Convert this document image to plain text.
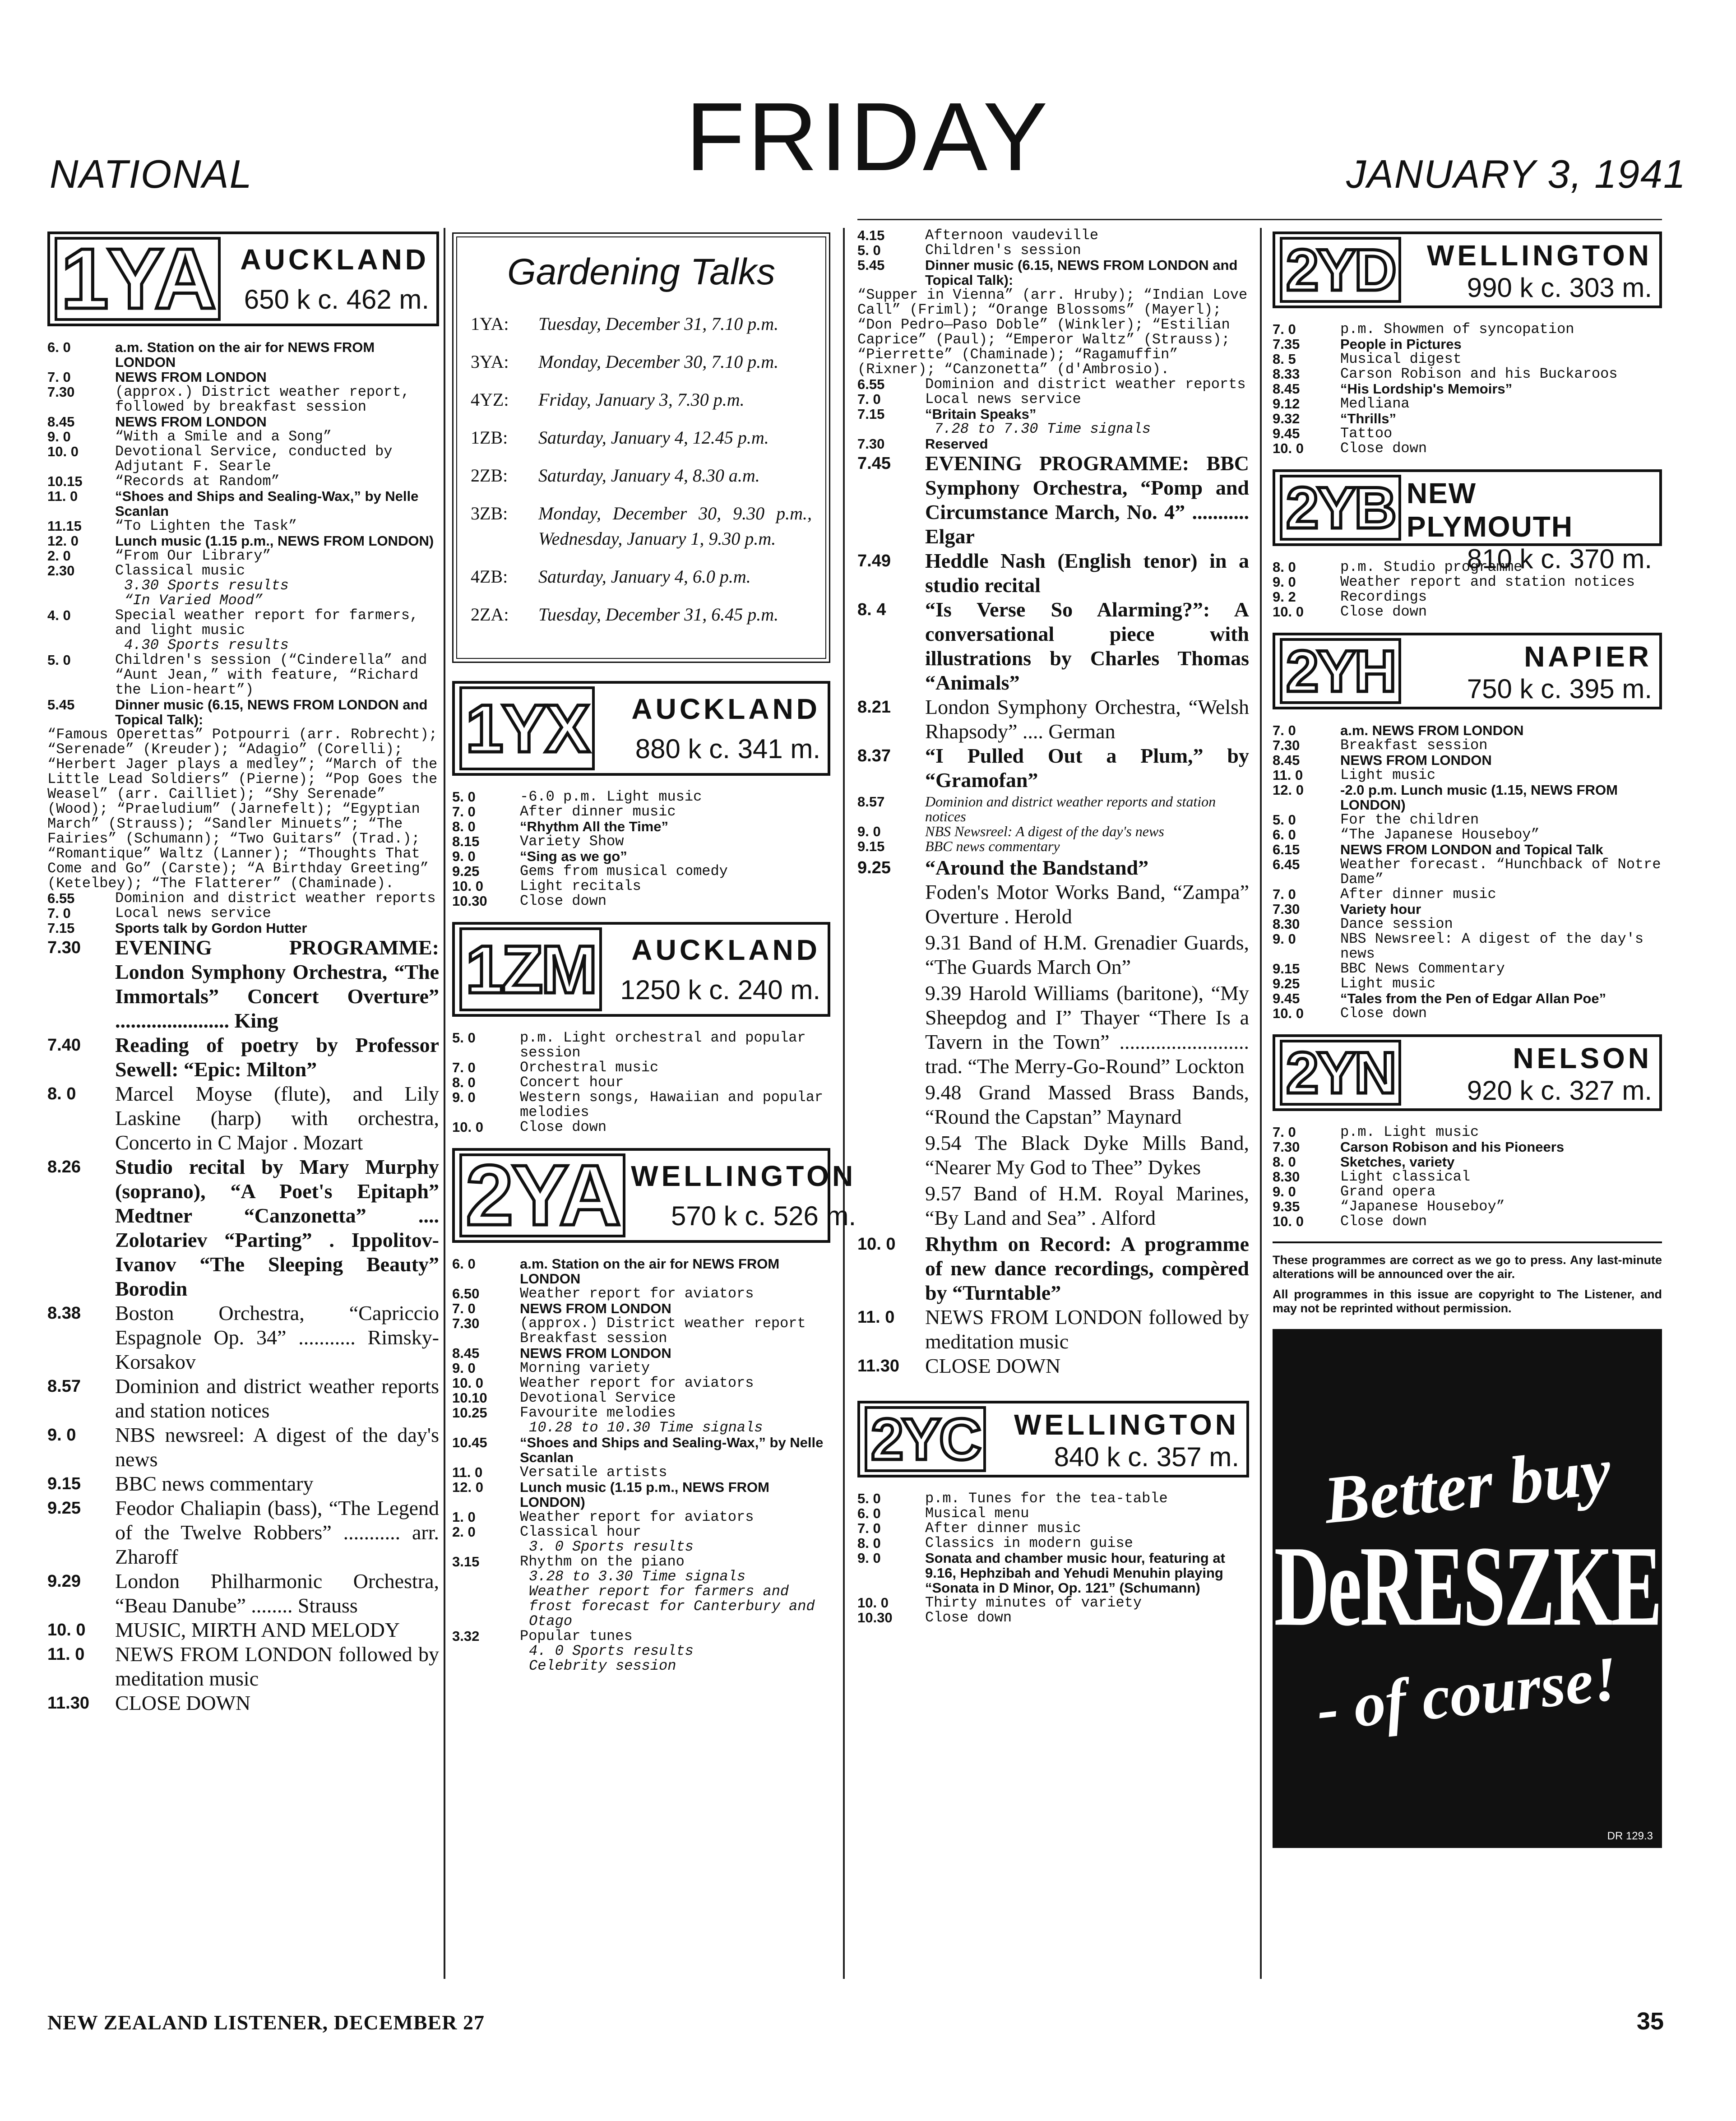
NATIONAL	FRIDAY	JANUARY 3, 1941
1YA AUCKLAND
650 k c. 462 m.
6. 0	a.m. Station on the air for NEWS FROM LONDON
7. 0	NEWS FROM LONDON
7.30	(approx.) District weather report, followed by breakfast session
8.45	NEWS FROM LONDON
9. 0	“With a Smile and a Song”
10. 0	Devotional Service, conducted by Adjutant F. Searle
10.15	“Records at Random”
11. 0	“Shoes and Ships and Sealing-Wax,” by Nelle Scanlan
11.15	“To Lighten the Task”
12. 0	Lunch music (1.15 p.m., NEWS FROM LONDON)
2. 0	“From Our Library”
2.30	Classical music
3.30 Sports results
“In Varied Mood”
4. 0	Special weather report for farmers, and light music
4.30 Sports results
5. 0	Children's session (“Cinderella” and “Aunt Jean,” with feature, “Richard the Lion-heart”)
5.45	Dinner music (6.15, NEWS FROM LONDON and Topical Talk):
“Famous Operettas” Potpourri (arr. Robrecht); “Serenade” (Kreuder); “Adagio” (Corelli); “Herbert Jager plays a medley”; “March of the Little Lead Soldiers” (Pierne); “Pop Goes the Weasel” (arr. Cailliet); “Shy Serenade” (Wood); “Praeludium” (Jarnefelt); “Egyptian March” (Strauss); “Sandler Minuets”; “The Fairies” (Schumann); “Two Guitars” (Trad.); “Romantique” Waltz (Lanner); “Thoughts That Come and Go” (Carste); “A Birthday Greeting” (Ketelbey); “The Flatterer” (Chaminade).
6.55	Dominion and district weather reports
7. 0	Local news service
7.15	Sports talk by Gordon Hutter
7.30	EVENING PROGRAMME: London Symphony Orchestra, “The Immortals” Concert Overture” ...................... King
7.40	Reading of poetry by Professor Sewell: “Epic: Milton”
8. 0	Marcel Moyse (flute), and Lily Laskine (harp) with orchestra, Concerto in C Major . Mozart
8.26	Studio recital by Mary Murphy (soprano), “A Poet's Epitaph” Medtner “Canzonetta” .... Zolotariev “Parting” . Ippolitov-Ivanov “The Sleeping Beauty” Borodin
8.38	Boston Orchestra, “Capriccio Espagnole Op. 34” ........... Rimsky-Korsakov
8.57	Dominion and district weather reports and station notices
9. 0	NBS newsreel: A digest of the day's news
9.15	BBC news commentary
9.25	Feodor Chaliapin (bass), “The Legend of the Twelve Robbers” ........... arr. Zharoff
9.29	London Philharmonic Orchestra, “Beau Danube” ........ Strauss
10. 0	MUSIC, MIRTH AND MELODY
11. 0	NEWS FROM LONDON followed by meditation music
11.30	CLOSE DOWN
Gardening Talks
1YA:	Tuesday, December 31, 7.10 p.m.
3YA:	Monday, December 30, 7.10 p.m.
4YZ:	Friday, January 3, 7.30 p.m.
1ZB:	Saturday, January 4, 12.45 p.m.
2ZB:	Saturday, January 4, 8.30 a.m.
3ZB:	Monday, December 30, 9.30 p.m., Wednesday, January 1, 9.30 p.m.
4ZB:	Saturday, January 4, 6.0 p.m.
2ZA:	Tuesday, December 31, 6.45 p.m.
1YX AUCKLAND
880 k c. 341 m.
5. 0	-6.0 p.m. Light music
7. 0	After dinner music
8. 0	“Rhythm All the Time”
8.15	Variety Show
9. 0	“Sing as we go”
9.25	Gems from musical comedy
10. 0	Light recitals
10.30	Close down
1ZM AUCKLAND
1250 k c. 240 m.
5. 0	p.m. Light orchestral and popular session
7. 0	Orchestral music
8. 0	Concert hour
9. 0	Western songs, Hawaiian and popular melodies
10. 0	Close down
2YA WELLINGTON
570 k c. 526 m.
6. 0	a.m. Station on the air for NEWS FROM LONDON
6.50	Weather report for aviators
7. 0	NEWS FROM LONDON
7.30	(approx.) District weather report Breakfast session
8.45	NEWS FROM LONDON
9. 0	Morning variety
10. 0	Weather report for aviators
10.10	Devotional Service
10.25	Favourite melodies
10.28 to 10.30 Time signals
10.45	“Shoes and Ships and Sealing-Wax,” by Nelle Scanlan
11. 0	Versatile artists
12. 0	Lunch music (1.15 p.m., NEWS FROM LONDON)
1. 0	Weather report for aviators
2. 0	Classical hour
3. 0 Sports results
3.15	Rhythm on the piano
3.28 to 3.30 Time signals
Weather report for farmers and frost forecast for Canterbury and Otago
3.32	Popular tunes
4. 0 Sports results
Celebrity session
4.15	Afternoon vaudeville
5. 0	Children's session
5.45	Dinner music (6.15, NEWS FROM LONDON and Topical Talk):
“Supper in Vienna” (arr. Hruby); “Indian Love Call” (Friml); “Orange Blossoms” (Mayerl); “Don Pedro—Paso Doble” (Winkler); “Estilian Caprice” (Paul); “Emperor Waltz” (Strauss); “Pierrette” (Chaminade); “Ragamuffin” (Rixner); “Canzonetta” (d'Ambrosio).
6.55	Dominion and district weather reports
7. 0	Local news service
7.15	“Britain Speaks”
7.28 to 7.30 Time signals
7.30	Reserved
7.45	EVENING PROGRAMME: BBC Symphony Orchestra, “Pomp and Circumstance March, No. 4” ........... Elgar
7.49	Heddle Nash (English tenor) in a studio recital
8. 4	“Is Verse So Alarming?”: A conversational piece with illustrations by Charles Thomas “Animals”
8.21	London Symphony Orchestra, “Welsh Rhapsody” .... German
8.37	“I Pulled Out a Plum,” by “Gramofan”
8.57	Dominion and district weather reports and station notices
9. 0	NBS Newsreel: A digest of the day's news
9.15	BBC news commentary
9.25	“Around the Bandstand”
Foden's Motor Works Band, “Zampa” Overture . Herold
9.31 Band of H.M. Grenadier Guards, “The Guards March On”
9.39 Harold Williams (baritone), “My Sheepdog and I” Thayer “There Is a Tavern in the Town” ......................... trad. “The Merry-Go-Round” Lockton
9.48 Grand Massed Brass Bands, “Round the Capstan” Maynard
9.54 The Black Dyke Mills Band, “Nearer My God to Thee” Dykes
9.57 Band of H.M. Royal Marines, “By Land and Sea” . Alford
10. 0	Rhythm on Record: A programme of new dance recordings, compèred by “Turntable”
11. 0	NEWS FROM LONDON followed by meditation music
11.30	CLOSE DOWN
2YC WELLINGTON
840 k c. 357 m.
5. 0	p.m. Tunes for the tea-table
6. 0	Musical menu
7. 0	After dinner music
8. 0	Classics in modern guise
9. 0	Sonata and chamber music hour, featuring at 9.16, Hephzibah and Yehudi Menuhin playing “Sonata in D Minor, Op. 121” (Schumann)
10. 0	Thirty minutes of variety
10.30	Close down
2YD WELLINGTON
990 k c. 303 m.
7. 0	p.m. Showmen of syncopation
7.35	People in Pictures
8. 5	Musical digest
8.33	Carson Robison and his Buckaroos
8.45	“His Lordship's Memoirs”
9.12	Medliana
9.32	“Thrills”
9.45	Tattoo
10. 0	Close down
2YB NEW PLYMOUTH
810 k c. 370 m.
8. 0	p.m. Studio programme
9. 0	Weather report and station notices
9. 2	Recordings
10. 0	Close down
2YH	NAPIER
750 k c. 395 m.
7. 0	a.m. NEWS FROM LONDON
7.30	Breakfast session
8.45	NEWS FROM LONDON
11. 0	Light music
12. 0	-2.0 p.m. Lunch music (1.15, NEWS FROM LONDON)
5. 0	For the children
6. 0	“The Japanese Houseboy”
6.15	NEWS FROM LONDON and Topical Talk
6.45	Weather forecast. “Hunchback of Notre Dame”
7. 0	After dinner music
7.30	Variety hour
8.30	Dance session
9. 0	NBS Newsreel: A digest of the day's news
9.15	BBC News Commentary
9.25	Light music
9.45	“Tales from the Pen of Edgar Allan Poe”
10. 0	Close down
2YN	NELSON
920 k c. 327 m.
7. 0	p.m. Light music
7.30	Carson Robison and his Pioneers
8. 0	Sketches, variety
8.30	Light classical
9. 0	Grand opera
9.35	“Japanese Houseboy”
10. 0	Close down

These programmes are correct as we go to press. Any last-minute alterations will be announced over the air.

All programmes in this issue are copyright to The Listener, and may not be reprinted without permission.

Better buy
DeRESZKE
- of course!
DR 129.3
NEW ZEALAND LISTENER, DECEMBER 27	35
